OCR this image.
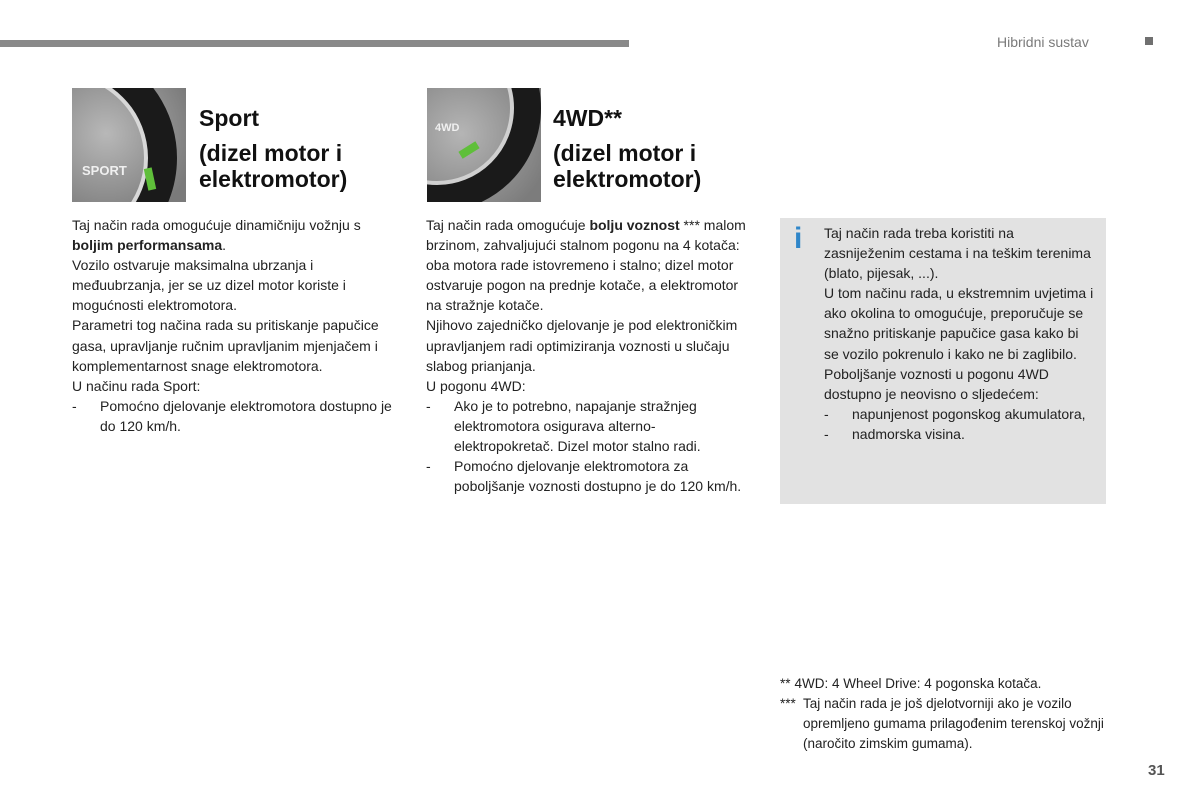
Hibridni sustav
SPORT
4WD
Sport
(dizel motor i
elektromotor)
4WD**
(dizel motor i
elektromotor)

Taj način rada omogućuje dinamičniju vožnju s boljim performansama.

Vozilo ostvaruje maksimalna ubrzanja i međuubrzanja, jer se uz dizel motor koriste i mogućnosti elektromotora.

Parametri tog načina rada su pritiskanje papučice gasa, upravljanje ručnim upravljanim mjenjačem i komplementarnost snage elektromotora.

U načinu rada Sport:

-	Pomoćno djelovanje elektromotora dostupno je do 120 km/h.

Taj način rada omogućuje bolju voznost *** malom brzinom, zahvaljujući stalnom pogonu na 4 kotača: oba motora rade istovremeno i stalno; dizel motor ostvaruje pogon na prednje kotače, a elektromotor na stražnje kotače.

Njihovo zajedničko djelovanje je pod elektroničkim upravljanjem radi optimiziranja voznosti u slučaju slabog prianjanja.

U pogonu 4WD:

-	Ako je to potrebno, napajanje stražnjeg elektromotora osigurava alterno-elektropokretač. Dizel motor stalno radi.
-	Pomoćno djelovanje elektromotora za poboljšanje voznosti dostupno je do 120 km/h.
i Taj način rada treba koristiti na zasniježenim cestama i na teškim terenima (blato, pijesak, ...).

U tom načinu rada, u ekstremnim uvjetima i ako okolina to omogućuje, preporučuje se snažno pritiskanje papučice gasa kako bi se vozilo pokrenulo i kako ne bi zaglibilo.

Poboljšanje voznosti u pogonu 4WD dostupno je neovisno o sljedećem:

-	napunjenost pogonskog akumulatora,
-	nadmorska visina.
** 4WD: 4 Wheel Drive: 4 pogonska kotača.
*** Taj način rada je još djelotvorniji ako je vozilo opremljeno gumama prilagođenim terenskoj vožnji (naročito zimskim gumama).
31
